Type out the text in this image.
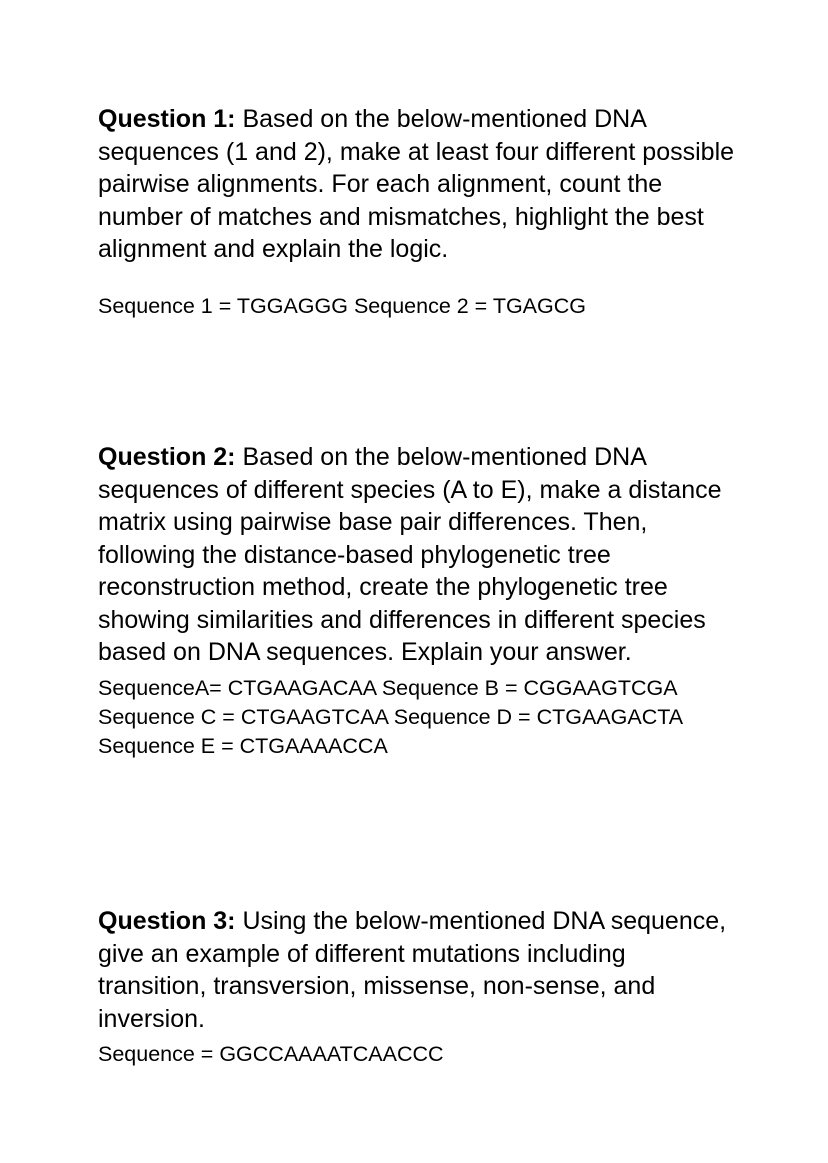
Question 1: Based on the below-mentioned DNA sequences (1 and 2), make at least four different possible pairwise alignments. For each alignment, count the number of matches and mismatches, highlight the best alignment and explain the logic.

Sequence 1 = TGGAGGG Sequence 2 = TGAGCG

Question 2: Based on the below-mentioned DNA sequences of different species (A to E), make a distance matrix using pairwise base pair differences. Then, following the distance-based phylogenetic tree reconstruction method, create the phylogenetic tree showing similarities and differences in different species based on DNA sequences. Explain your answer.

SequenceA= CTGAAGACAA Sequence B = CGGAAGTCGA Sequence C = CTGAAGTCAA Sequence D = CTGAAGACTA Sequence E = CTGAAAACCA

Question 3: Using the below-mentioned DNA sequence, give an example of different mutations including transition, transversion, missense, non-sense, and inversion.

Sequence = GGCCAAAATCAACCC
